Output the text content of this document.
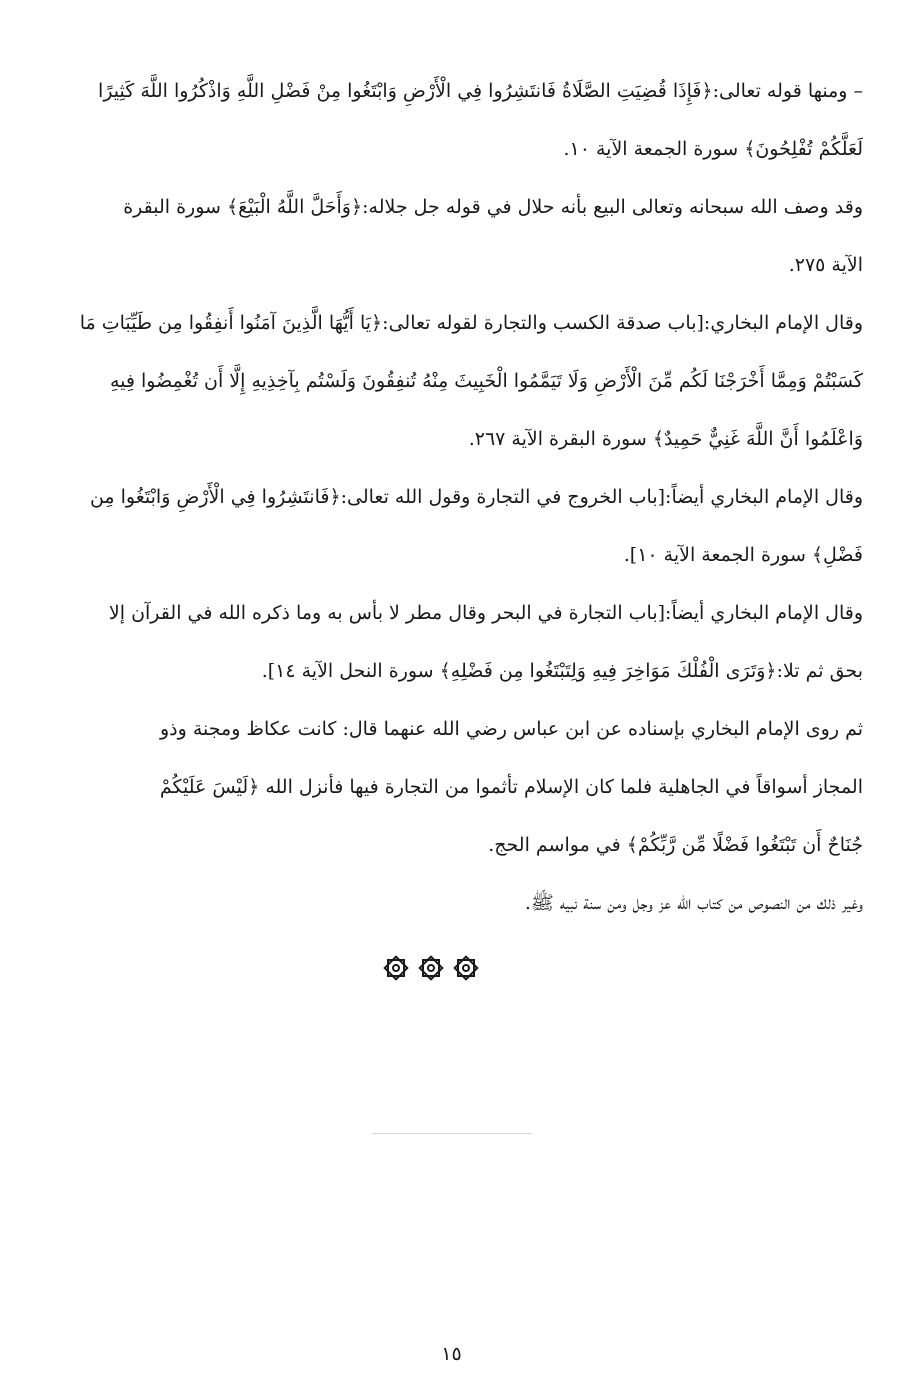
– ومنها قوله تعالى:﴿فَإِذَا قُضِيَتِ الصَّلَاةُ فَانتَشِرُوا فِي الْأَرْضِ وَابْتَغُوا مِنْ فَضْلِ اللَّهِ وَاذْكُرُوا اللَّهَ كَثِيرًا
لَعَلَّكُمْ تُفْلِحُونَ﴾ سورة الجمعة الآية ١٠.
وقد وصف الله سبحانه وتعالى البيع بأنه حلال في قوله جل جلاله:﴿وَأَحَلَّ اللَّهُ الْبَيْعَ﴾ سورة البقرة
الآية ٢٧٥.
وقال الإمام البخاري:[باب صدقة الكسب والتجارة لقوله تعالى:﴿يَا أَيُّهَا الَّذِينَ آمَنُوا أَنفِقُوا مِن طَيِّبَاتِ مَا
كَسَبْتُمْ وَمِمَّا أَخْرَجْنَا لَكُم مِّنَ الْأَرْضِ وَلَا تَيَمَّمُوا الْخَبِيثَ مِنْهُ تُنفِقُونَ وَلَسْتُم بِآخِذِيهِ إِلَّا أَن تُغْمِضُوا فِيهِ
وَاعْلَمُوا أَنَّ اللَّهَ غَنِيٌّ حَمِيدٌ﴾ سورة البقرة الآية ٢٦٧.
وقال الإمام البخاري أيضاً:[باب الخروج في التجارة وقول الله تعالى:﴿فَانتَشِرُوا فِي الْأَرْضِ وَابْتَغُوا مِن
فَضْلِ﴾ سورة الجمعة الآية ١٠].
وقال الإمام البخاري أيضاً:[باب التجارة في البحر وقال مطر لا بأس به وما ذكره الله في القرآن إلا
بحق ثم تلا:﴿وَتَرَى الْفُلْكَ مَوَاخِرَ فِيهِ وَلِتَبْتَغُوا مِن فَضْلِهِ﴾ سورة النحل الآية ١٤].
ثم روى الإمام البخاري بإسناده عن ابن عباس رضي الله عنهما قال: كانت عكاظ ومجنة وذو
المجاز أسواقاً في الجاهلية فلما كان الإسلام تأثموا من التجارة فيها فأنزل الله ﴿لَيْسَ عَلَيْكُمْ
جُنَاحٌ أَن تَبْتَغُوا فَضْلًا مِّن رَّبِّكُمْ﴾ في مواسم الحج.
وغير ذلك من النصوص من كتاب الله عز وجل ومن سنة نبيه ﷺ.
١٥
